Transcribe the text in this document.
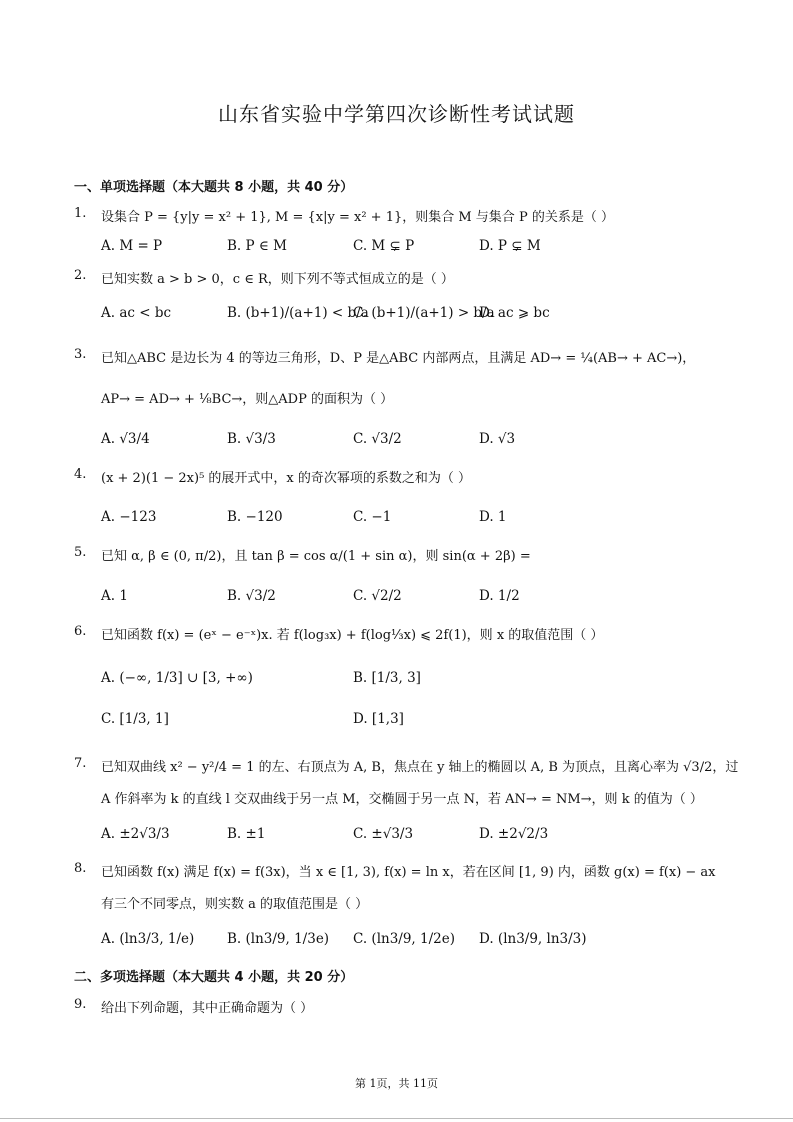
山东省实验中学第四次诊断性考试试题
一、单项选择题（本大题共 8 小题，共 40 分）
1.	设集合 P = {y|y = x² + 1}, M = {x|y = x² + 1}，则集合 M 与集合 P 的关系是（ ）
A. M = P	B. P ∈ M	C. M ⊊ P	D. P ⊊ M
2.	已知实数 a > b > 0，c ∈ R，则下列不等式恒成立的是（ ）
A. ac < bc	B. (b+1)/(a+1) < b/a
C. (b+1)/(a+1) > b/a
D. ac ⩾ bc
3.	已知△ABC 是边长为 4 的等边三角形，D、P 是△ABC 内部两点，且满足 AD→ = ¼(AB→ + AC→)，
AP→ = AD→ + ⅛BC→，则△ADP 的面积为（ ）
A. √3/4	B. √3/3	C. √3/2	D. √3
4.	(x + 2)(1 − 2x)⁵ 的展开式中，x 的奇次幂项的系数之和为（ ）
A. −123	B. −120	C. −1	D. 1
5.	已知 α, β ∈ (0, π/2)，且 tan β = cos α/(1 + sin α)，则 sin(α + 2β) =
A. 1	B. √3/2	C. √2/2	D. 1/2
6.	已知函数 f(x) = (eˣ − e⁻ˣ)x. 若 f(log₃x) + f(log⅓x) ⩽ 2f(1)，则 x 的取值范围（ ）
A. (−∞, 1/3] ∪ [3, +∞)	B. [1/3, 3]
C. [1/3, 1]	D. [1,3]
7.	已知双曲线 x² − y²/4 = 1 的左、右顶点为 A, B，焦点在 y 轴上的椭圆以 A, B 为顶点，且离心率为 √3/2，过
A 作斜率为 k 的直线 l 交双曲线于另一点 M，交椭圆于另一点 N，若 AN→ = NM→，则 k 的值为（ ）
A. ±2√3/3	B. ±1	C. ±√3/3	D. ±2√2/3
8.	已知函数 f(x) 满足 f(x) = f(3x)，当 x ∈ [1, 3), f(x) = ln x，若在区间 [1, 9) 内，函数 g(x) = f(x) − ax
有三个不同零点，则实数 a 的取值范围是（ ）
A. (ln3/3, 1/e) B. (ln3/9, 1/3e) C. (ln3/9, 1/2e) D. (ln3/9, ln3/3)
二、多项选择题（本大题共 4 小题，共 20 分）
9.	给出下列命题，其中正确命题为（ ）
第 1页，共 11页
